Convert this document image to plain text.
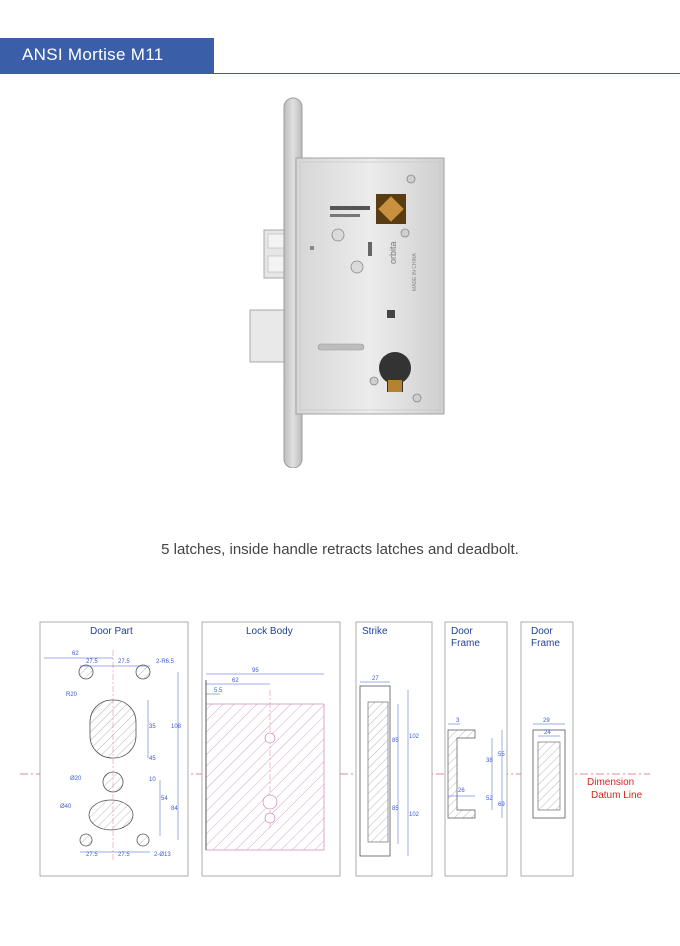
ANSI Mortise M11
orbita
MADE IN CHINA
5 latches, inside handle retracts latches and deadbolt.
Dimension
Datum Line
Door Part
62
27.5	27.5	2-R6.5
R20
35
45
108
Ø20	10
54
Ø40	84
27.5	27.5	2-Ø13
Lock Body
95
62
5.5
Strike
27
85
102
85
102
Door
Frame
3
38
55
26
52
69
Door
Frame
29
24
